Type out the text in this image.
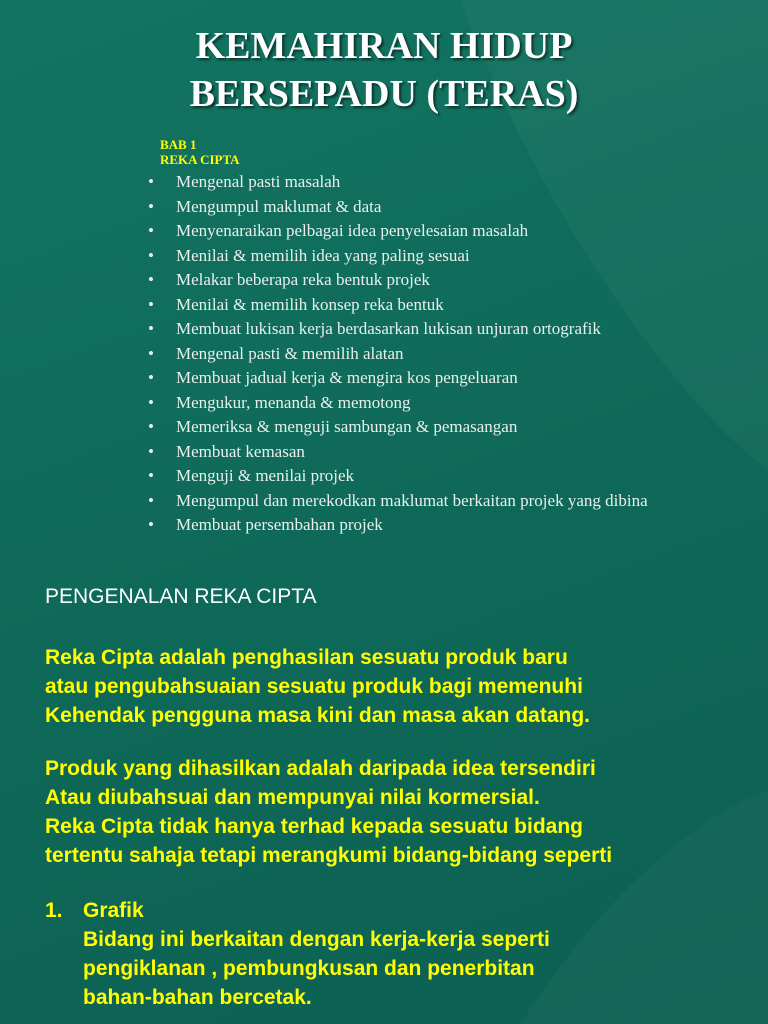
KEMAHIRAN HIDUP
BERSEPADU (TERAS)
BAB 1
REKA CIPTA
• Mengenal pasti masalah
• Mengumpul maklumat & data
• Menyenaraikan pelbagai idea penyelesaian masalah
• Menilai & memilih idea yang paling sesuai
• Melakar beberapa reka bentuk projek
• Menilai & memilih konsep reka bentuk
• Membuat lukisan kerja berdasarkan lukisan unjuran ortografik
• Mengenal pasti & memilih alatan
• Membuat jadual kerja & mengira kos pengeluaran
• Mengukur, menanda & memotong
• Memeriksa & menguji sambungan & pemasangan
• Membuat kemasan
• Menguji & menilai projek
• Mengumpul dan merekodkan maklumat berkaitan projek yang dibina
• Membuat persembahan projek

PENGENALAN REKA CIPTA

Reka Cipta adalah penghasilan sesuatu produk baru
atau pengubahsuaian sesuatu produk bagi memenuhi
Kehendak pengguna masa kini dan masa akan datang.
Produk yang dihasilkan adalah daripada idea tersendiri
Atau diubahsuai dan mempunyai nilai kormersial.
Reka Cipta tidak hanya terhad kepada sesuatu bidang
tertentu sahaja tetapi merangkumi bidang-bidang seperti
1. Grafik
Bidang ini berkaitan dengan kerja-kerja seperti
pengiklanan , pembungkusan dan penerbitan
bahan-bahan bercetak.
